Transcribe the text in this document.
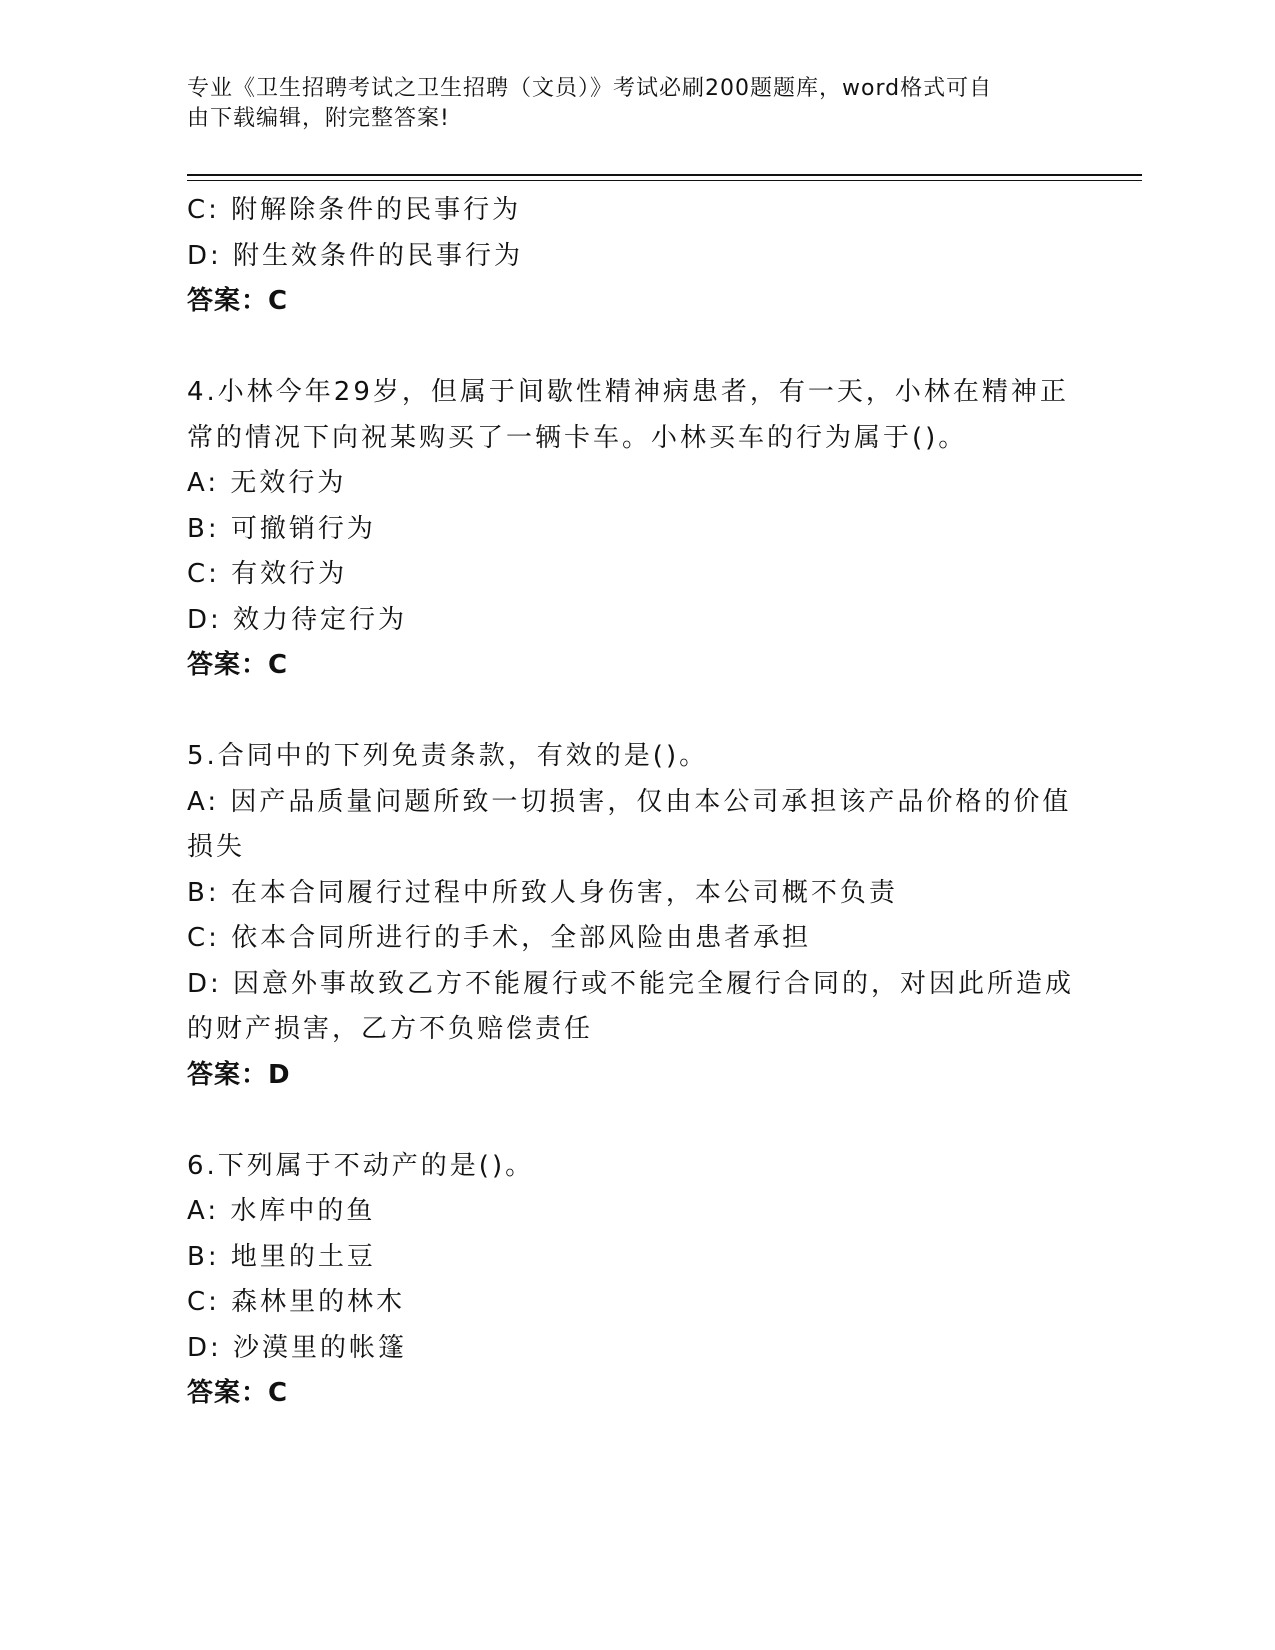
专业《卫生招聘考试之卫生招聘（文员）》考试必刷200题题库，word格式可自
由下载编辑，附完整答案!
C: 附解除条件的民事行为
D: 附生效条件的民事行为
答案：C
4.小林今年29岁，但属于间歇性精神病患者，有一天，小林在精神正
常的情况下向祝某购买了一辆卡车。小林买车的行为属于()。
A: 无效行为
B: 可撤销行为
C: 有效行为
D: 效力待定行为
答案：C
5.合同中的下列免责条款，有效的是()。
A: 因产品质量问题所致一切损害，仅由本公司承担该产品价格的价值
损失
B: 在本合同履行过程中所致人身伤害，本公司概不负责
C: 依本合同所进行的手术，全部风险由患者承担
D: 因意外事故致乙方不能履行或不能完全履行合同的，对因此所造成
的财产损害，乙方不负赔偿责任
答案：D
6.下列属于不动产的是()。
A: 水库中的鱼
B: 地里的土豆
C: 森林里的林木
D: 沙漠里的帐篷
答案：C
